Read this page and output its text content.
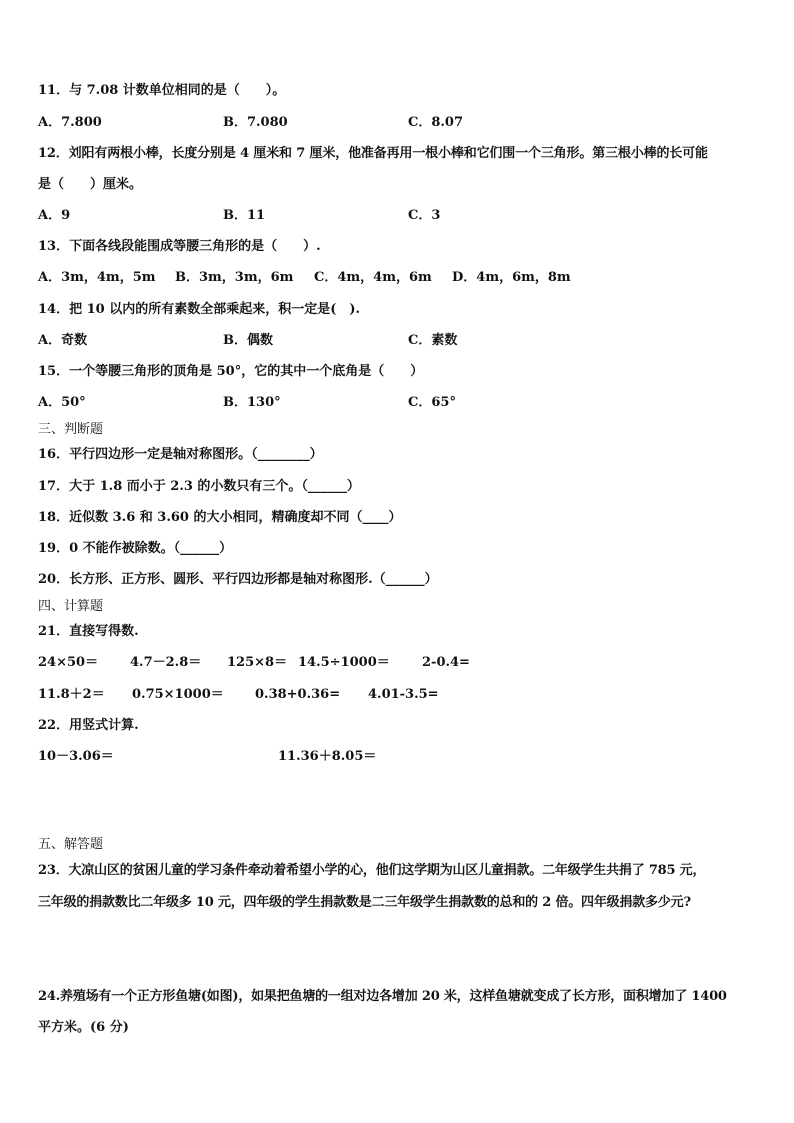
11．与 7.08 计数单位相同的是（　　）。
A．7.800	B．7.080	C．8.07
12．刘阳有两根小棒，长度分别是 4 厘米和 7 厘米，他准备再用一根小棒和它们围一个三角形。第三根小棒的长可能
是（　　）厘米。
A．9	B．11	C．3
13．下面各线段能围成等腰三角形的是（　　）.
A．3m，4m，5m B．3m，3m，6m C．4m，4m，6m D．4m，6m，8m
14．把 10 以内的所有素数全部乘起来，积一定是(　).
A．奇数	B．偶数	C．素数
15．一个等腰三角形的顶角是 50°，它的其中一个底角是（　　）
A．50°	B．130°	C．65°
三、判断题
16．平行四边形一定是轴对称图形。（________）
17．大于 1.8 而小于 2.3 的小数只有三个。（______）
18．近似数 3.6 和 3.60 的大小相同，精确度却不同（____）
19．0 不能作被除数。（______）
20．长方形、正方形、圆形、平行四边形都是轴对称图形.（______）
四、计算题
21．直接写得数.
24×50＝ 4.7－2.8＝ 125×8＝ 14.5÷1000＝ 2-0.4=
11.8＋2＝ 0.75×1000＝ 0.38+0.36= 4.01-3.5=
22．用竖式计算.
10－3.06＝	11.36＋8.05＝
五、解答题
23．大凉山区的贫困儿童的学习条件牵动着希望小学的心，他们这学期为山区儿童捐款。二年级学生共捐了 785 元，
三年级的捐款数比二年级多 10 元，四年级的学生捐款数是二三年级学生捐款数的总和的 2 倍。四年级捐款多少元?
24.养殖场有一个正方形鱼塘(如图)，如果把鱼塘的一组对边各增加 20 米，这样鱼塘就变成了长方形，面积增加了 1400
平方米。(6 分)
